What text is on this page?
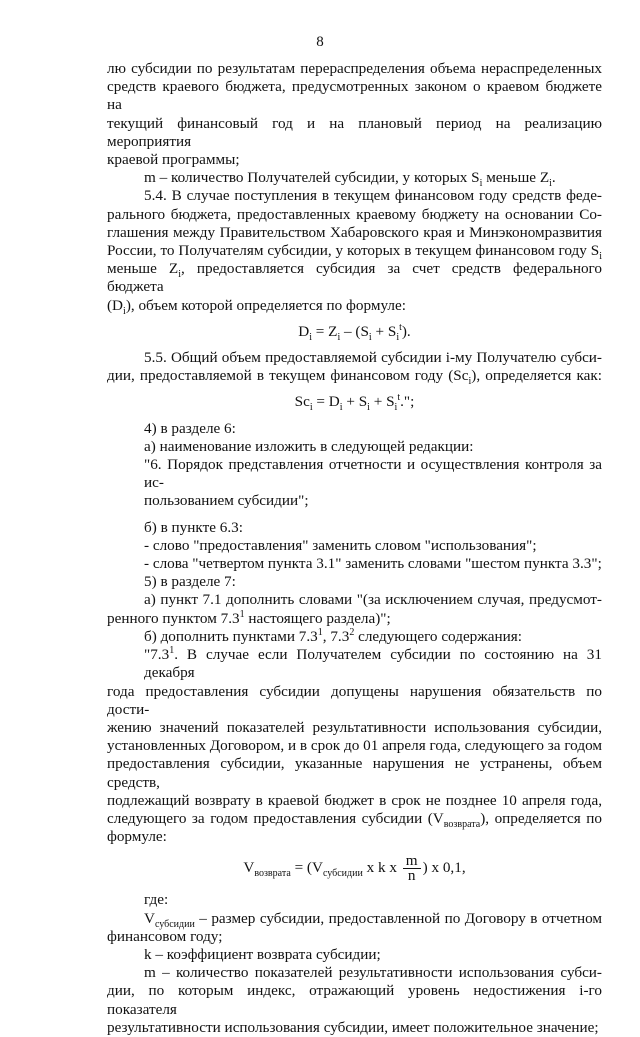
8

лю субсидии по результатам перераспределения объема нераспределенных

средств краевого бюджета, предусмотренных законом о краевом бюджете на

текущий финансовый год и на плановый период на реализацию мероприятия

краевой программы;

m – количество Получателей субсидии, у которых $S_i$ меньше $Z_i$.

5.4. В случае поступления в текущем финансовом году средств феде-

рального бюджета, предоставленных краевому бюджету на основании Со-

глашения между Правительством Хабаровского края и Минэкономразвития

России, то Получателям субсидии, у которых в текущем финансовом году $S_i$

меньше $Z_i$, предоставляется субсидия за счет средств федерального бюджета

$(D_i)$, объем которой определяется по формуле:

$D_i = Z_i - (S_i + S_i^t)$.

5.5. Общий объем предоставляемой субсидии i-му Получателю субси-

дии, предоставляемой в текущем финансовом году $(Sc_i)$, определяется как:

$Sc_i = D_i + S_i + S_i^t$.";

4) в разделе 6:

а) наименование изложить в следующей редакции:

"6. Порядок представления отчетности и осуществления контроля за ис-

пользованием субсидии";

б) в пункте 6.3:

- слово "предоставления" заменить словом "использования";

- слова "четвертом пункта 3.1" заменить словами "шестом пункта 3.3";

5) в разделе 7:

а) пункт 7.1 дополнить словами "(за исключением случая, предусмот-

ренного пунктом $7.3^1$ настоящего раздела)";

б) дополнить пунктами $7.3^1$, $7.3^2$ следующего содержания:

"$7.3^1$. В случае если Получателем субсидии по состоянию на 31 декабря

года предоставления субсидии допущены нарушения обязательств по дости-

жению значений показателей результативности использования субсидии,

установленных Договором, и в срок до 01 апреля года, следующего за годом

предоставления субсидии, указанные нарушения не устранены, объем средств,

подлежащий возврату в краевой бюджет в срок не позднее 10 апреля года,

следующего за годом предоставления субсидии $(V_{возврата})$, определяется по

формуле:

$V_{возврата} = (V_{субсидии}$ x k x $\frac{m}{n}$ ) x 0,1,

где:

$V_{субсидии}$ – размер субсидии, предоставленной по Договору в отчетном

финансовом году;

k – коэффициент возврата субсидии;

m – количество показателей результативности использования субси-

дии, по которым индекс, отражающий уровень недостижения i-го показателя

результативности использования субсидии, имеет положительное значение;
